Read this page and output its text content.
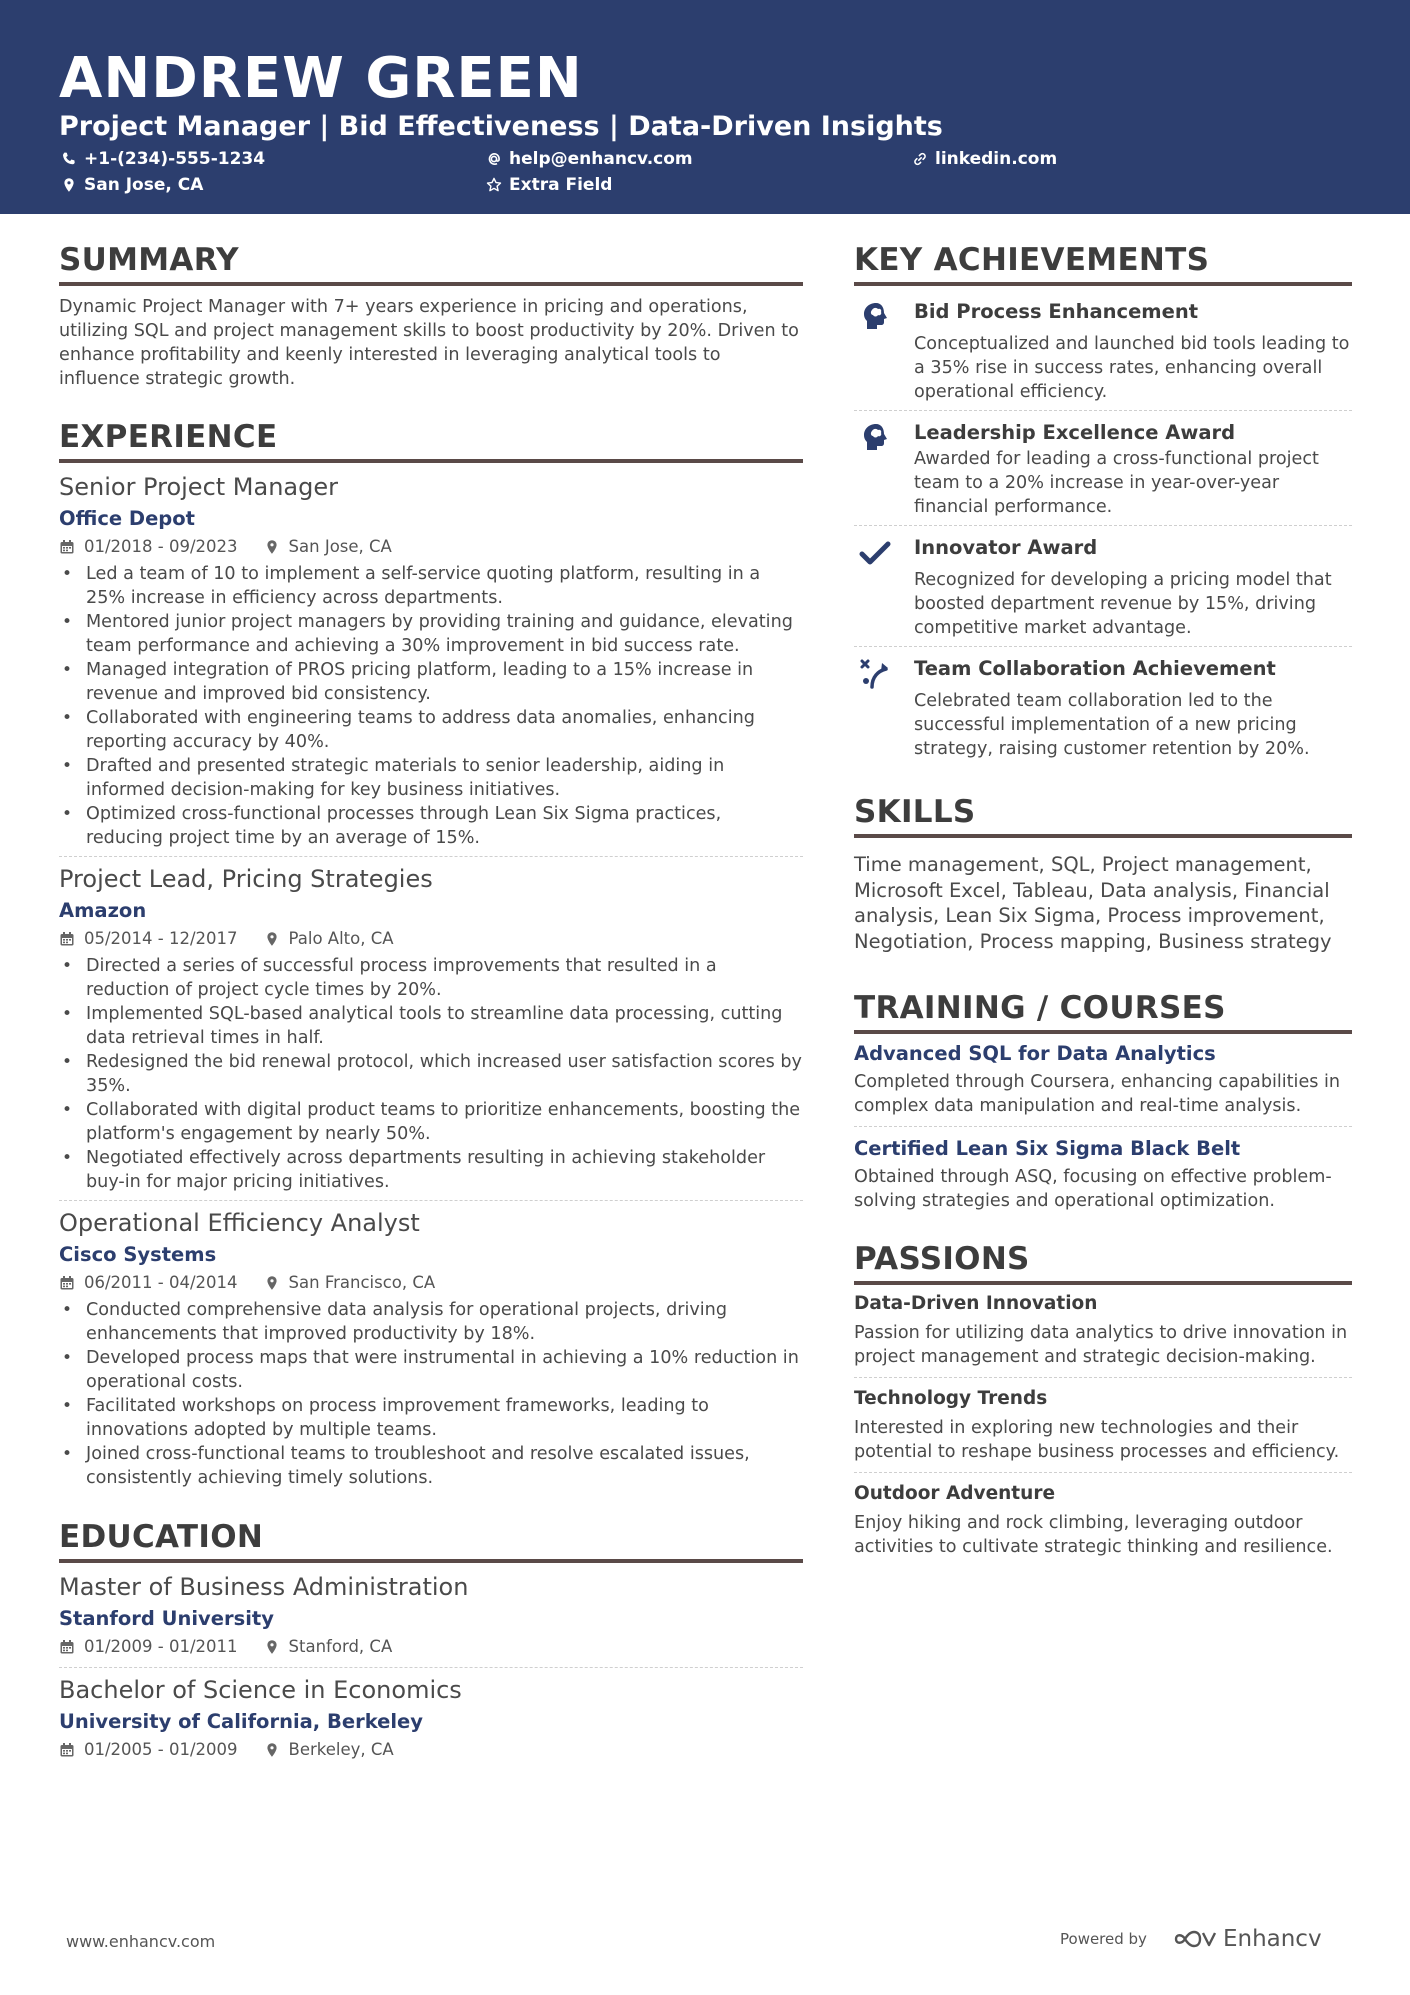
ANDREW GREEN
Project Manager | Bid Effectiveness | Data-Driven Insights
+1-(234)-555-1234	help@enhancv.com	linkedin.com
San Jose, CA	Extra Field
SUMMARY
Dynamic Project Manager with 7+ years experience in pricing and operations, utilizing SQL and project management skills to boost productivity by 20%. Driven to enhance profitability and keenly interested in leveraging analytical tools to influence strategic growth.
EXPERIENCE
Senior Project Manager
Office Depot
01/2018 - 09/2023	San Jose, CA
• Led a team of 10 to implement a self-service quoting platform, resulting in a 25% increase in efficiency across departments.
• Mentored junior project managers by providing training and guidance, elevating team performance and achieving a 30% improvement in bid success rate.
• Managed integration of PROS pricing platform, leading to a 15% increase in revenue and improved bid consistency.
• Collaborated with engineering teams to address data anomalies, enhancing reporting accuracy by 40%.
• Drafted and presented strategic materials to senior leadership, aiding in informed decision-making for key business initiatives.
• Optimized cross-functional processes through Lean Six Sigma practices, reducing project time by an average of 15%.
Project Lead, Pricing Strategies
Amazon
05/2014 - 12/2017	Palo Alto, CA
• Directed a series of successful process improvements that resulted in a reduction of project cycle times by 20%.
• Implemented SQL-based analytical tools to streamline data processing, cutting data retrieval times in half.
• Redesigned the bid renewal protocol, which increased user satisfaction scores by 35%.
• Collaborated with digital product teams to prioritize enhancements, boosting the platform's engagement by nearly 50%.
• Negotiated effectively across departments resulting in achieving stakeholder buy-in for major pricing initiatives.
Operational Efficiency Analyst
Cisco Systems
06/2011 - 04/2014	San Francisco, CA
• Conducted comprehensive data analysis for operational projects, driving enhancements that improved productivity by 18%.
• Developed process maps that were instrumental in achieving a 10% reduction in operational costs.
• Facilitated workshops on process improvement frameworks, leading to innovations adopted by multiple teams.
• Joined cross-functional teams to troubleshoot and resolve escalated issues, consistently achieving timely solutions.
EDUCATION
Master of Business Administration
Stanford University
01/2009 - 01/2011	Stanford, CA
Bachelor of Science in Economics
University of California, Berkeley
01/2005 - 01/2009	Berkeley, CA
KEY ACHIEVEMENTS
Bid Process Enhancement
Conceptualized and launched bid tools leading to a 35% rise in success rates, enhancing overall operational efficiency.
Leadership Excellence Award
Awarded for leading a cross-functional project team to a 20% increase in year-over-year financial performance.
Innovator Award
Recognized for developing a pricing model that boosted department revenue by 15%, driving competitive market advantage.
Team Collaboration Achievement
Celebrated team collaboration led to the successful implementation of a new pricing strategy, raising customer retention by 20%.
SKILLS
Time management, SQL, Project management, Microsoft Excel, Tableau, Data analysis, Financial analysis, Lean Six Sigma, Process improvement, Negotiation, Process mapping, Business strategy
TRAINING / COURSES
Advanced SQL for Data Analytics
Completed through Coursera, enhancing capabilities in complex data manipulation and real-time analysis.
Certified Lean Six Sigma Black Belt
Obtained through ASQ, focusing on effective problem-solving strategies and operational optimization.
PASSIONS
Data-Driven Innovation
Passion for utilizing data analytics to drive innovation in project management and strategic decision-making.
Technology Trends
Interested in exploring new technologies and their potential to reshape business processes and efficiency.
Outdoor Adventure
Enjoy hiking and rock climbing, leveraging outdoor activities to cultivate strategic thinking and resilience.
www.enhancv.com	Powered by	Enhancv
